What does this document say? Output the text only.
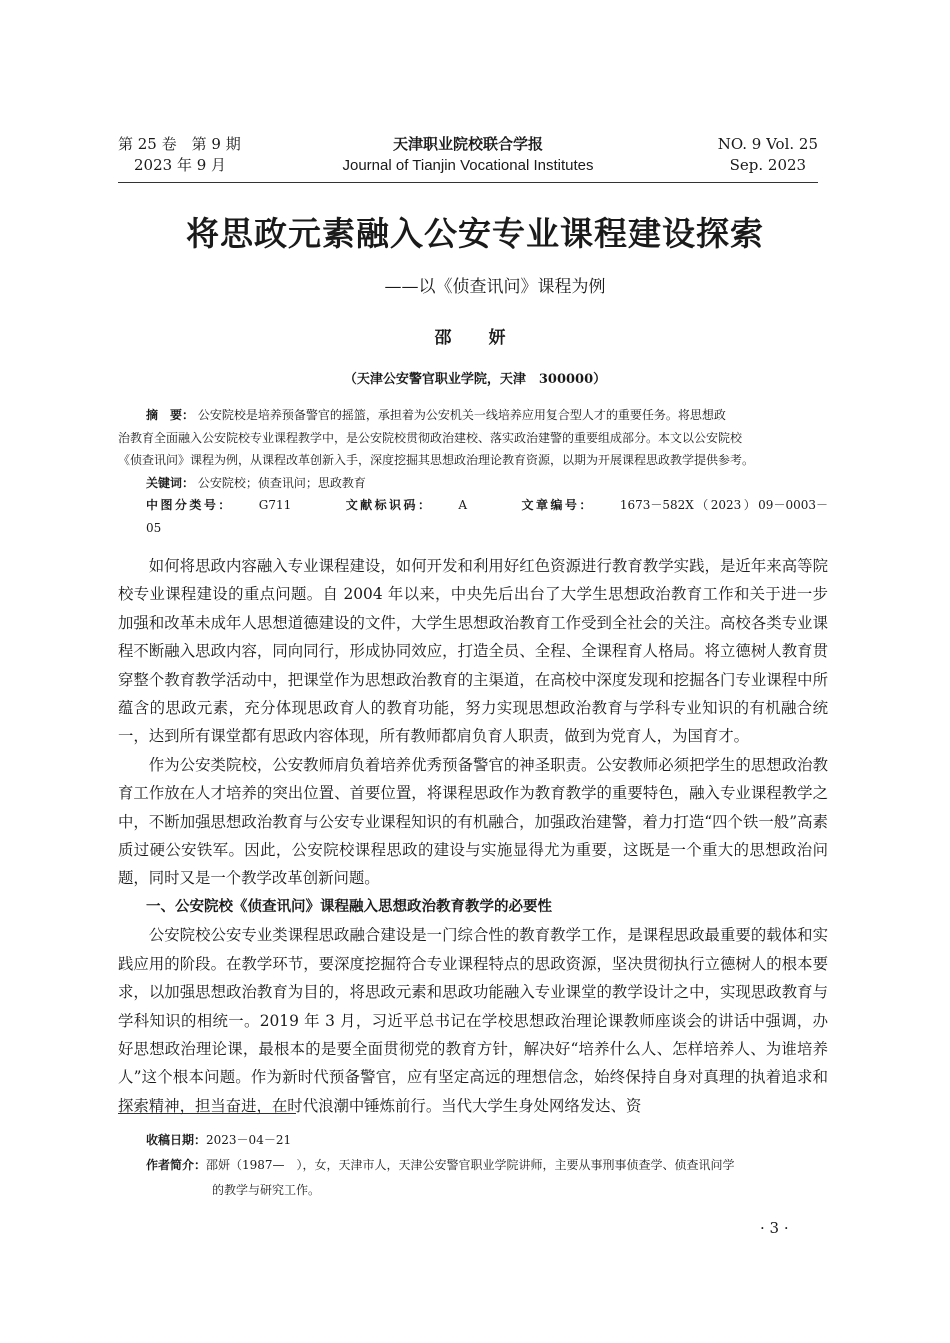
第 25 卷　第 9 期
2023 年 9 月
天津职业院校联合学报
Journal of Tianjin Vocational Institutes
NO. 9 Vol. 25
Sep. 2023
将思政元素融入公安专业课程建设探索
——以《侦查讯问》课程为例
邵　妍
（天津公安警官职业学院，天津　300000）

摘　要： 公安院校是培养预备警官的摇篮，承担着为公安机关一线培养应用复合型人才的重要任务。将思想政

治教育全面融入公安院校专业课程教学中，是公安院校贯彻政治建校、落实政治建警的重要组成部分。本文以公安院校

《侦查讯问》课程为例，从课程改革创新入手，深度挖掘其思想政治理论教育资源，以期为开展课程思政教学提供参考。

关键词： 公安院校；侦查讯问；思政教育

中图分类号： G711	文献标识码： A	文章编号： 1673－582X（2023）09－0003－05

如何将思政内容融入专业课程建设，如何开发和利用好红色资源进行教育教学实践，是近年来高等院校专业课程建设的重点问题。自 2004 年以来，中央先后出台了大学生思想政治教育工作和关于进一步加强和改革未成年人思想道德建设的文件，大学生思想政治教育工作受到全社会的关注。高校各类专业课程不断融入思政内容，同向同行，形成协同效应，打造全员、全程、全课程育人格局。将立德树人教育贯穿整个教育教学活动中，把课堂作为思想政治教育的主渠道，在高校中深度发现和挖掘各门专业课程中所蕴含的思政元素，充分体现思政育人的教育功能，努力实现思想政治教育与学科专业知识的有机融合统一，达到所有课堂都有思政内容体现，所有教师都肩负育人职责，做到为党育人，为国育才。

作为公安类院校，公安教师肩负着培养优秀预备警官的神圣职责。公安教师必须把学生的思想政治教育工作放在人才培养的突出位置、首要位置，将课程思政作为教育教学的重要特色，融入专业课程教学之中，不断加强思想政治教育与公安专业课程知识的有机融合，加强政治建警，着力打造“四个铁一般”高素质过硬公安铁军。因此，公安院校课程思政的建设与实施显得尤为重要，这既是一个重大的思想政治问题，同时又是一个教学改革创新问题。

一、公安院校《侦查讯问》课程融入思想政治教育教学的必要性

公安院校公安专业类课程思政融合建设是一门综合性的教育教学工作，是课程思政最重要的载体和实践应用的阶段。在教学环节，要深度挖掘符合专业课程特点的思政资源，坚决贯彻执行立德树人的根本要求，以加强思想政治教育为目的，将思政元素和思政功能融入专业课堂的教学设计之中，实现思政教育与学科知识的相统一。2019 年 3 月，习近平总书记在学校思想政治理论课教师座谈会的讲话中强调，办好思想政治理论课，最根本的是要全面贯彻党的教育方针，解决好“培养什么人、怎样培养人、为谁培养人”这个根本问题。作为新时代预备警官，应有坚定高远的理想信念，始终保持自身对真理的执着追求和探索精神，担当奋进，在时代浪潮中锤炼前行。当代大学生身处网络发达、资

收稿日期：2023－04－21
作者简介：邵妍（1987—　），女，天津市人，天津公安警官职业学院讲师，主要从事刑事侦查学、侦查讯问学
的教学与研究工作。
· 3 ·
